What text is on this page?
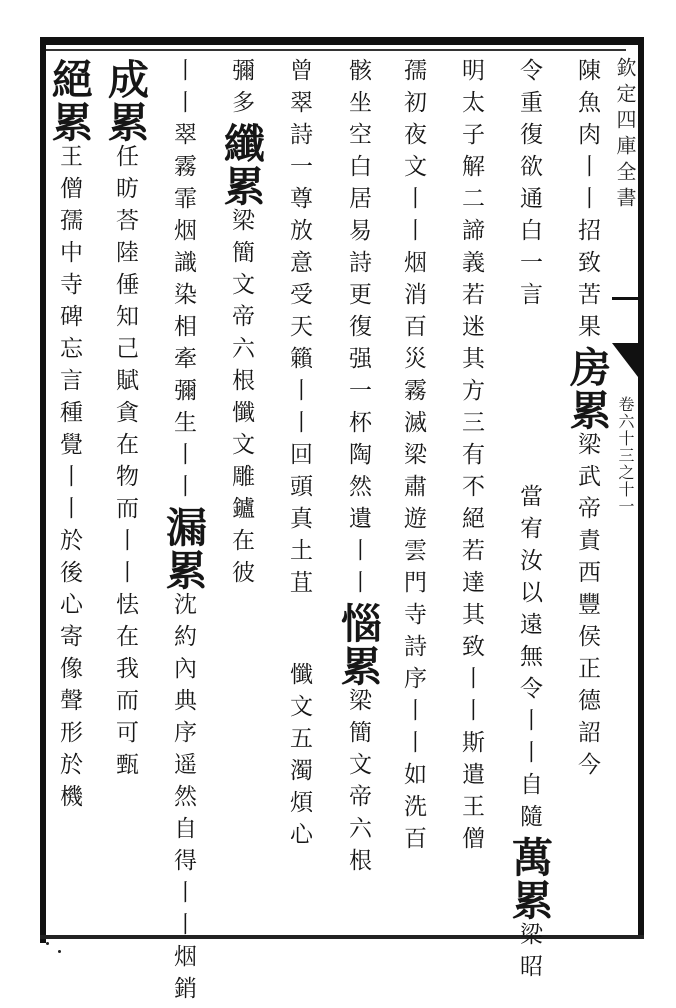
欽定四庫全書
卷六十三之十一
陳魚肉丨丨招致苦果房累梁武帝責西豐侯正德詔今
令重復欲通白一言當宥汝以遠無令丨丨自隨萬累梁昭
明太子解二諦義若迷其方三有不絕若達其致丨丨斯遣王僧
孺初夜文丨丨烟消百災霧滅梁肅遊雲門寺詩序丨丨如洗百
骸坐空白居易詩更復强一杯陶然遺丨丨惱累梁簡文帝六根
曾翠詩一尊放意受天籟丨丨回頭真土苴懺文五濁煩心
彌多纖累梁簡文帝六根懺文雕鑪在彼
丨丨翠霧霏烟識染相牽彌生丨丨漏累沈約內典序遥然自得丨丨烟銷
成累任昉荅陸倕知己賦貪在物而丨丨怯在我而可甄
絕累王僧孺中寺碑忘言種覺丨丨於後心寄像聲形於機
